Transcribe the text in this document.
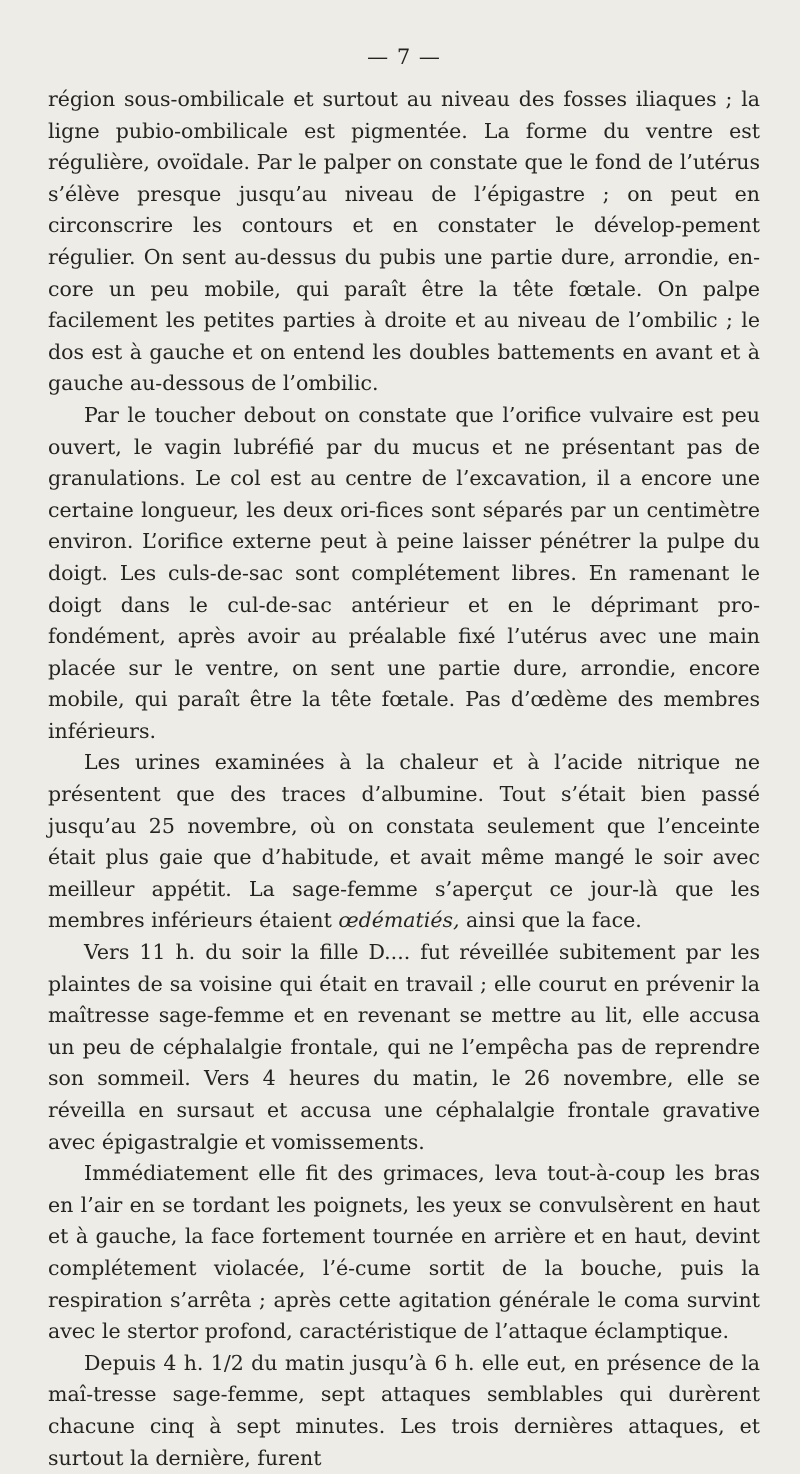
— 7 —

région sous-ombilicale et surtout au niveau des fosses iliaques ; la ligne pubio-ombilicale est pigmentée. La forme du ventre est régulière, ovoïdale. Par le palper on constate que le fond de l’utérus s’élève presque jusqu’au niveau de l’épigastre ; on peut en circonscrire les contours et en constater le dévelop-pement régulier. On sent au-dessus du pubis une partie dure, arrondie, en-core un peu mobile, qui paraît être la tête fœtale. On palpe facilement les petites parties à droite et au niveau de l’ombilic ; le dos est à gauche et on entend les doubles battements en avant et à gauche au-dessous de l’ombilic.

Par le toucher debout on constate que l’orifice vulvaire est peu ouvert, le vagin lubréfié par du mucus et ne présentant pas de granulations. Le col est au centre de l’excavation, il a encore une certaine longueur, les deux ori-fices sont séparés par un centimètre environ. L’orifice externe peut à peine laisser pénétrer la pulpe du doigt. Les culs-de-sac sont complétement libres. En ramenant le doigt dans le cul-de-sac antérieur et en le déprimant pro-fondément, après avoir au préalable fixé l’utérus avec une main placée sur le ventre, on sent une partie dure, arrondie, encore mobile, qui paraît être la tête fœtale. Pas d’œdème des membres inférieurs.

Les urines examinées à la chaleur et à l’acide nitrique ne présentent que des traces d’albumine. Tout s’était bien passé jusqu’au 25 novembre, où on constata seulement que l’enceinte était plus gaie que d’habitude, et avait même mangé le soir avec meilleur appétit. La sage-femme s’aperçut ce jour-là que les membres inférieurs étaient œdématiés, ainsi que la face.

Vers 11 h. du soir la fille D.... fut réveillée subitement par les plaintes de sa voisine qui était en travail ; elle courut en prévenir la maîtresse sage-femme et en revenant se mettre au lit, elle accusa un peu de céphalalgie frontale, qui ne l’empêcha pas de reprendre son sommeil. Vers 4 heures du matin, le 26 novembre, elle se réveilla en sursaut et accusa une céphalalgie frontale gravative avec épigastralgie et vomissements.

Immédiatement elle fit des grimaces, leva tout-à-coup les bras en l’air en se tordant les poignets, les yeux se convulsèrent en haut et à gauche, la face fortement tournée en arrière et en haut, devint complétement violacée, l’é-cume sortit de la bouche, puis la respiration s’arrêta ; après cette agitation générale le coma survint avec le stertor profond, caractéristique de l’attaque éclamptique.

Depuis 4 h. 1/2 du matin jusqu’à 6 h. elle eut, en présence de la maî-tresse sage-femme, sept attaques semblables qui durèrent chacune cinq à sept minutes. Les trois dernières attaques, et surtout la dernière, furent
